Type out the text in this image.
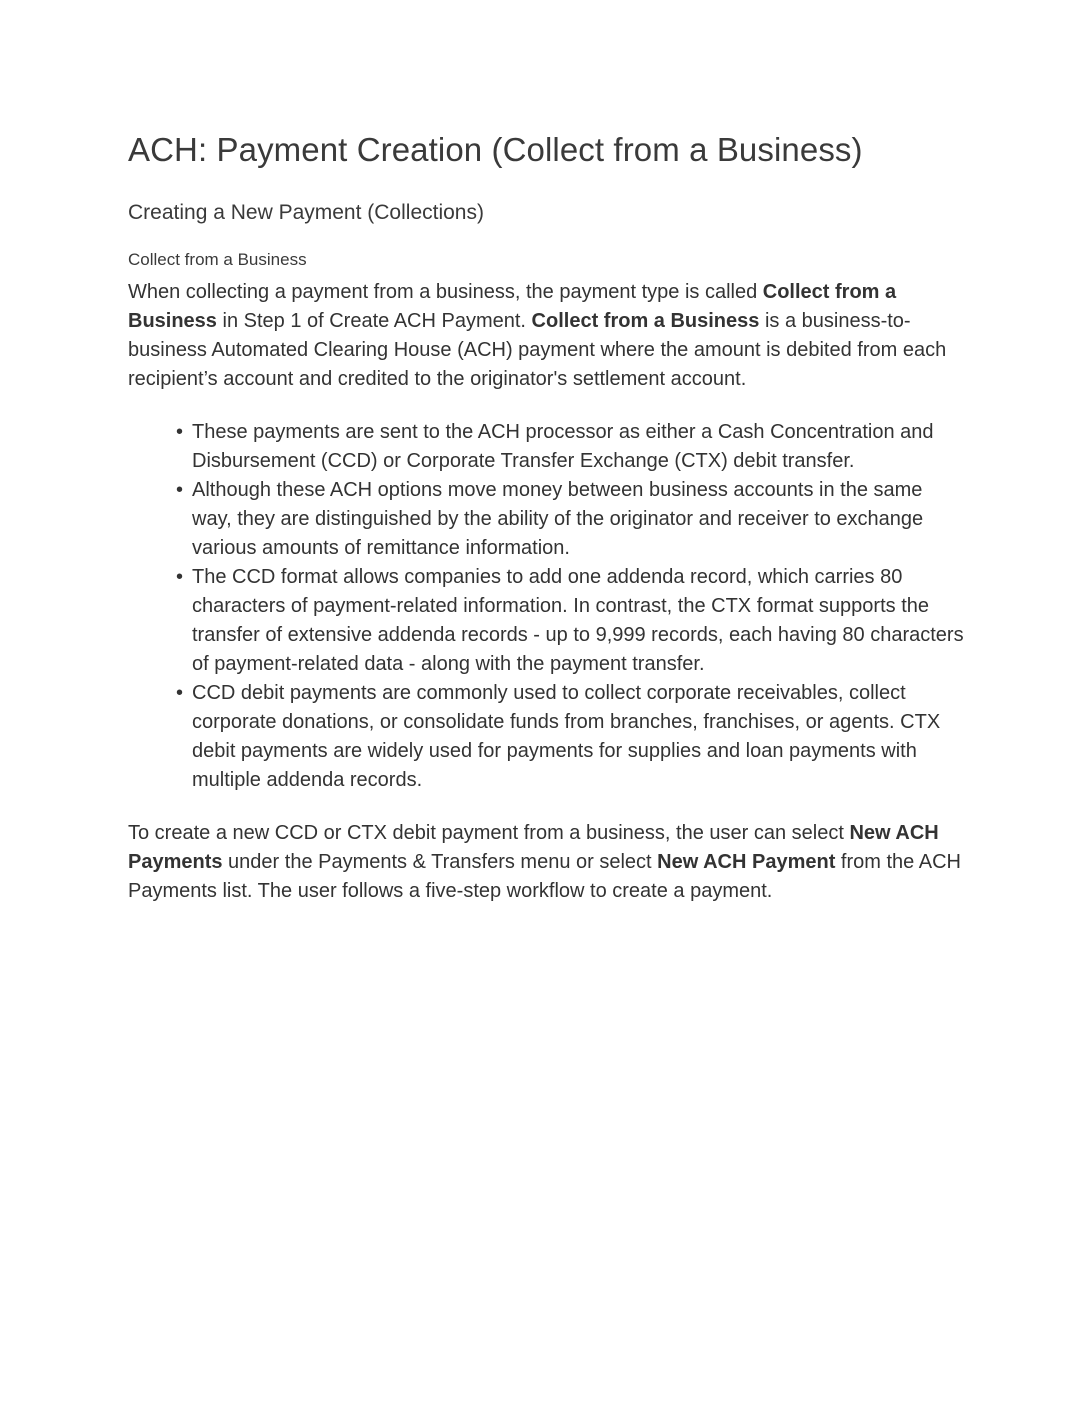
ACH: Payment Creation (Collect from a Business)
Creating a New Payment (Collections)
Collect from a Business

When collecting a payment from a business, the payment type is called Collect from a Business in Step 1 of Create ACH Payment. Collect from a Business is a business-to-business Automated Clearing House (ACH) payment where the amount is debited from each recipient’s account and credited to the originator's settlement account.

• These payments are sent to the ACH processor as either a Cash Concentration and Disbursement (CCD) or Corporate Transfer Exchange (CTX) debit transfer.
• Although these ACH options move money between business accounts in the same way, they are distinguished by the ability of the originator and receiver to exchange various amounts of remittance information.
• The CCD format allows companies to add one addenda record, which carries 80 characters of payment-related information. In contrast, the CTX format supports the transfer of extensive addenda records - up to 9,999 records, each having 80 characters of payment-related data - along with the payment transfer.
• CCD debit payments are commonly used to collect corporate receivables, collect corporate donations, or consolidate funds from branches, franchises, or agents. CTX debit payments are widely used for payments for supplies and loan payments with multiple addenda records.

To create a new CCD or CTX debit payment from a business, the user can select New ACH Payments under the Payments & Transfers menu or select New ACH Payment from the ACH Payments list. The user follows a five-step workflow to create a payment.
